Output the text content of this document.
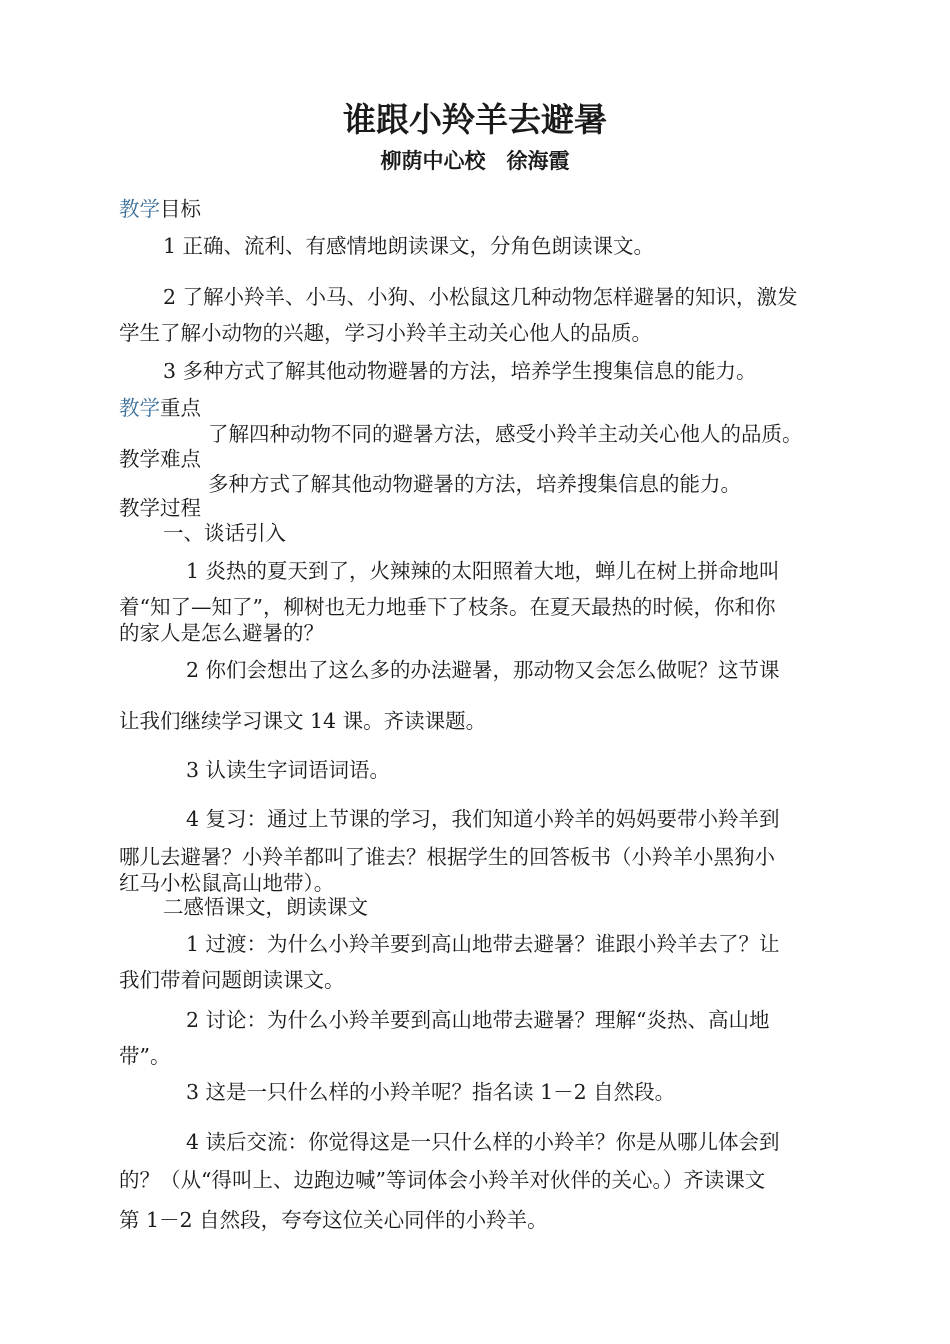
谁跟小羚羊去避暑
柳荫中心校　徐海霞
教学目标
1 正确、流利、有感情地朗读课文，分角色朗读课文。
2 了解小羚羊、小马、小狗、小松鼠这几种动物怎样避暑的知识，激发
学生了解小动物的兴趣，学习小羚羊主动关心他人的品质。
3 多种方式了解其他动物避暑的方法，培养学生搜集信息的能力。
教学重点
了解四种动物不同的避暑方法，感受小羚羊主动关心他人的品质。
教学难点
多种方式了解其他动物避暑的方法，培养搜集信息的能力。
教学过程
一、谈话引入
1 炎热的夏天到了，火辣辣的太阳照着大地，蝉儿在树上拼命地叫
着“知了—知了”，柳树也无力地垂下了枝条。在夏天最热的时候，你和你
的家人是怎么避暑的？
2 你们会想出了这么多的办法避暑，那动物又会怎么做呢？这节课
让我们继续学习课文 14 课。齐读课题。
3 认读生字词语词语。
4 复习：通过上节课的学习，我们知道小羚羊的妈妈要带小羚羊到
哪儿去避暑？小羚羊都叫了谁去？根据学生的回答板书（小羚羊小黑狗小
红马小松鼠高山地带）。
二感悟课文，朗读课文
1 过渡：为什么小羚羊要到高山地带去避暑？谁跟小羚羊去了？让
我们带着问题朗读课文。
2 讨论：为什么小羚羊要到高山地带去避暑？理解“炎热、高山地
带”。
3 这是一只什么样的小羚羊呢？指名读 1－2 自然段。
4 读后交流：你觉得这是一只什么样的小羚羊？你是从哪儿体会到
的？（从“得叫上、边跑边喊”等词体会小羚羊对伙伴的关心。）齐读课文
第 1－2 自然段，夸夸这位关心同伴的小羚羊。
